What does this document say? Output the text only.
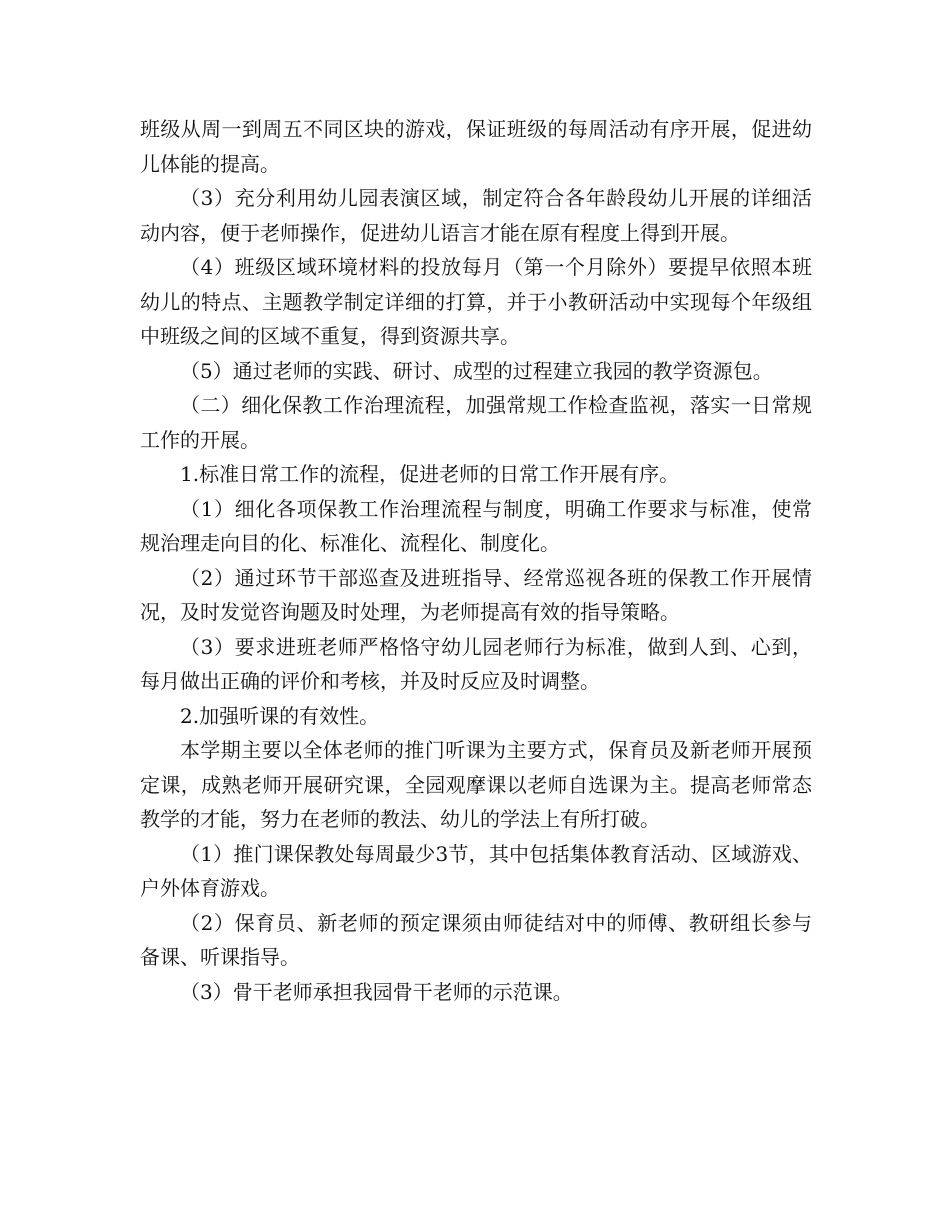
班级从周一到周五不同区块的游戏，保证班级的每周活动有序开展，促进幼儿体能的提高。

（3）充分利用幼儿园表演区域，制定符合各年龄段幼儿开展的详细活动内容，便于老师操作，促进幼儿语言才能在原有程度上得到开展。

（4）班级区域环境材料的投放每月（第一个月除外）要提早依照本班幼儿的特点、主题教学制定详细的打算，并于小教研活动中实现每个年级组中班级之间的区域不重复，得到资源共享。

（5）通过老师的实践、研讨、成型的过程建立我园的教学资源包。

（二）细化保教工作治理流程，加强常规工作检查监视，落实一日常规工作的开展。

1.标准日常工作的流程，促进老师的日常工作开展有序。

（1）细化各项保教工作治理流程与制度，明确工作要求与标准，使常规治理走向目的化、标准化、流程化、制度化。

（2）通过环节干部巡查及进班指导、经常巡视各班的保教工作开展情况，及时发觉咨询题及时处理，为老师提高有效的指导策略。

（3）要求进班老师严格恪守幼儿园老师行为标准，做到人到、心到，每月做出正确的评价和考核，并及时反应及时调整。

2.加强听课的有效性。

本学期主要以全体老师的推门听课为主要方式，保育员及新老师开展预定课，成熟老师开展研究课，全园观摩课以老师自选课为主。提高老师常态教学的才能，努力在老师的教法、幼儿的学法上有所打破。

（1）推门课保教处每周最少3节，其中包括集体教育活动、区域游戏、户外体育游戏。

（2）保育员、新老师的预定课须由师徒结对中的师傅、教研组长参与备课、听课指导。

（3）骨干老师承担我园骨干老师的示范课。
